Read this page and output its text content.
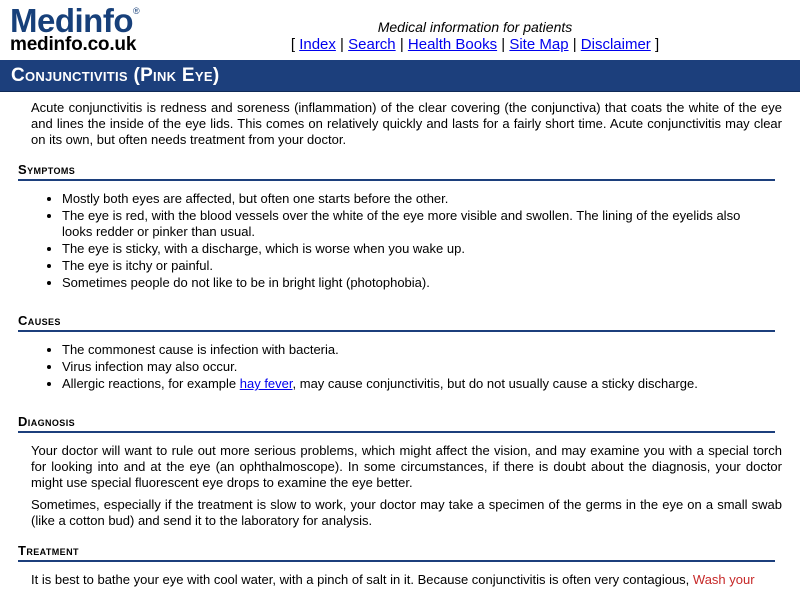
Medinfo®
medinfo.co.uk
Medical information for patients
[ Index | Search | Health Books | Site Map | Disclaimer ]
Conjunctivitis (Pink Eye)

Acute conjunctivitis is redness and soreness (inflammation) of the clear covering (the conjunctiva) that coats the white of the eye and lines the inside of the eye lids. This comes on relatively quickly and lasts for a fairly short time. Acute conjunctivitis may clear on its own, but often needs treatment from your doctor.

Symptoms
• Mostly both eyes are affected, but often one starts before the other.
• The eye is red, with the blood vessels over the white of the eye more visible and swollen. The lining of the eyelids also looks redder or pinker than usual.
• The eye is sticky, with a discharge, which is worse when you wake up.
• The eye is itchy or painful.
• Sometimes people do not like to be in bright light (photophobia).
Causes
• The commonest cause is infection with bacteria.
• Virus infection may also occur.
• Allergic reactions, for example hay fever, may cause conjunctivitis, but do not usually cause a sticky discharge.
Diagnosis

Your doctor will want to rule out more serious problems, which might affect the vision, and may examine you with a special torch for looking into and at the eye (an ophthalmoscope). In some circumstances, if there is doubt about the diagnosis, your doctor might use special fluorescent eye drops to examine the eye better.

Sometimes, especially if the treatment is slow to work, your doctor may take a specimen of the germs in the eye on a small swab (like a cotton bud) and send it to the laboratory for analysis.

Treatment

It is best to bathe your eye with cool water, with a pinch of salt in it. Because conjunctivitis is often very contagious, Wash your
